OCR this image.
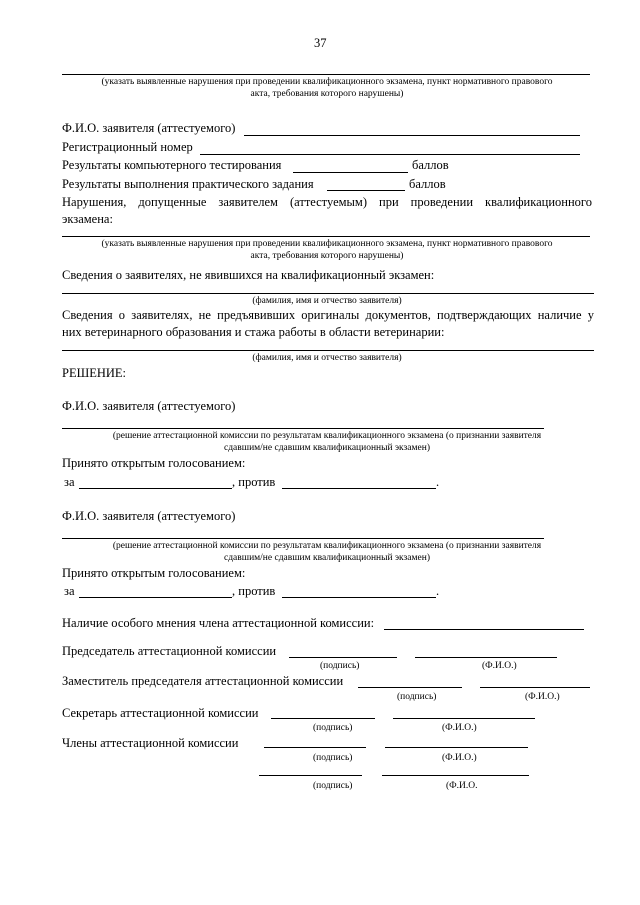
37
(указать выявленные нарушения при проведении квалификационного экзамена, пункт нормативного правового
акта, требования которого нарушены)
Ф.И.О. заявителя (аттестуемого)
Регистрационный номер
Результаты компьютерного тестирования	баллов
Результаты выполнения практического задания	баллов
Нарушения, допущенные заявителем (аттестуемым) при проведении квалификационного
экзамена:
(указать выявленные нарушения при проведении квалификационного экзамена, пункт нормативного правового
акта, требования которого нарушены)
Сведения о заявителях, не явившихся на квалификационный экзамен:
(фамилия, имя и отчество заявителя)
Сведения о заявителях, не предъявивших оригиналы документов, подтверждающих наличие у
них ветеринарного образования и стажа работы в области ветеринарии:
(фамилия, имя и отчество заявителя)
РЕШЕНИЕ:
Ф.И.О. заявителя (аттестуемого)
(решение аттестационной комиссии по результатам квалификационного экзамена (о признании заявителя
сдавшим/не сдавшим квалификационный экзамен)
Принято открытым голосованием:
за	, против	.
Ф.И.О. заявителя (аттестуемого)
(решение аттестационной комиссии по результатам квалификационного экзамена (о признании заявителя
сдавшим/не сдавшим квалификационный экзамен)
Принято открытым голосованием:
за	, против	.
Наличие особого мнения члена аттестационной комиссии:
Председатель аттестационной комиссии
(подпись)	(Ф.И.О.)
Заместитель председателя аттестационной комиссии
(подпись)	(Ф.И.О.)
Секретарь аттестационной комиссии
(подпись)	(Ф.И.О.)
Члены аттестационной комиссии
(подпись)	(Ф.И.О.)
(подпись)	(Ф.И.О.
